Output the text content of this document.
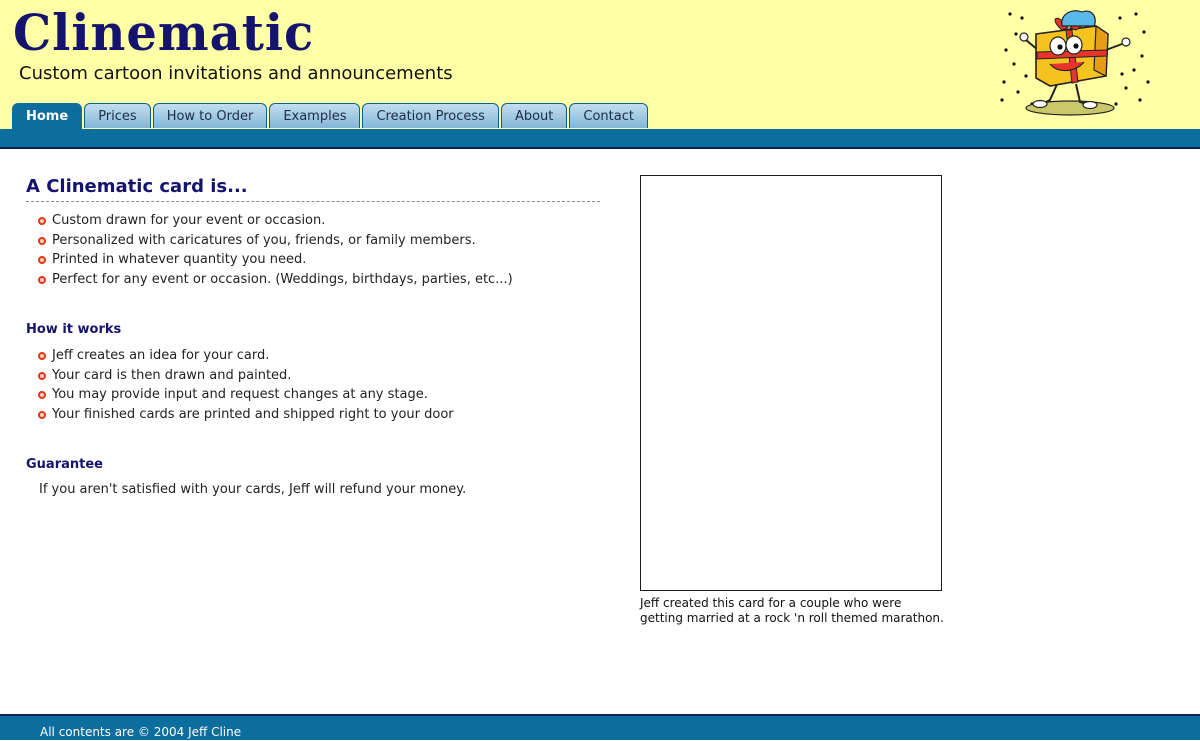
Clinematic
Custom cartoon invitations and announcements
Home	Prices	How to Order	Examples	Creation Process	About	Contact
A Clinematic card is...
Custom drawn for your event or occasion.
Personalized with caricatures of you, friends, or family members.
Printed in whatever quantity you need.
Perfect for any event or occasion. (Weddings, birthdays, parties, etc...)
How it works
Jeff creates an idea for your card.
Your card is then drawn and painted.
You may provide input and request changes at any stage.
Your finished cards are printed and shipped right to your door
Guarantee

If you aren't satisfied with your cards, Jeff will refund your money.

Jeff created this card for a couple who were getting married at a rock 'n roll themed marathon.
All contents are © 2004 Jeff Cline
